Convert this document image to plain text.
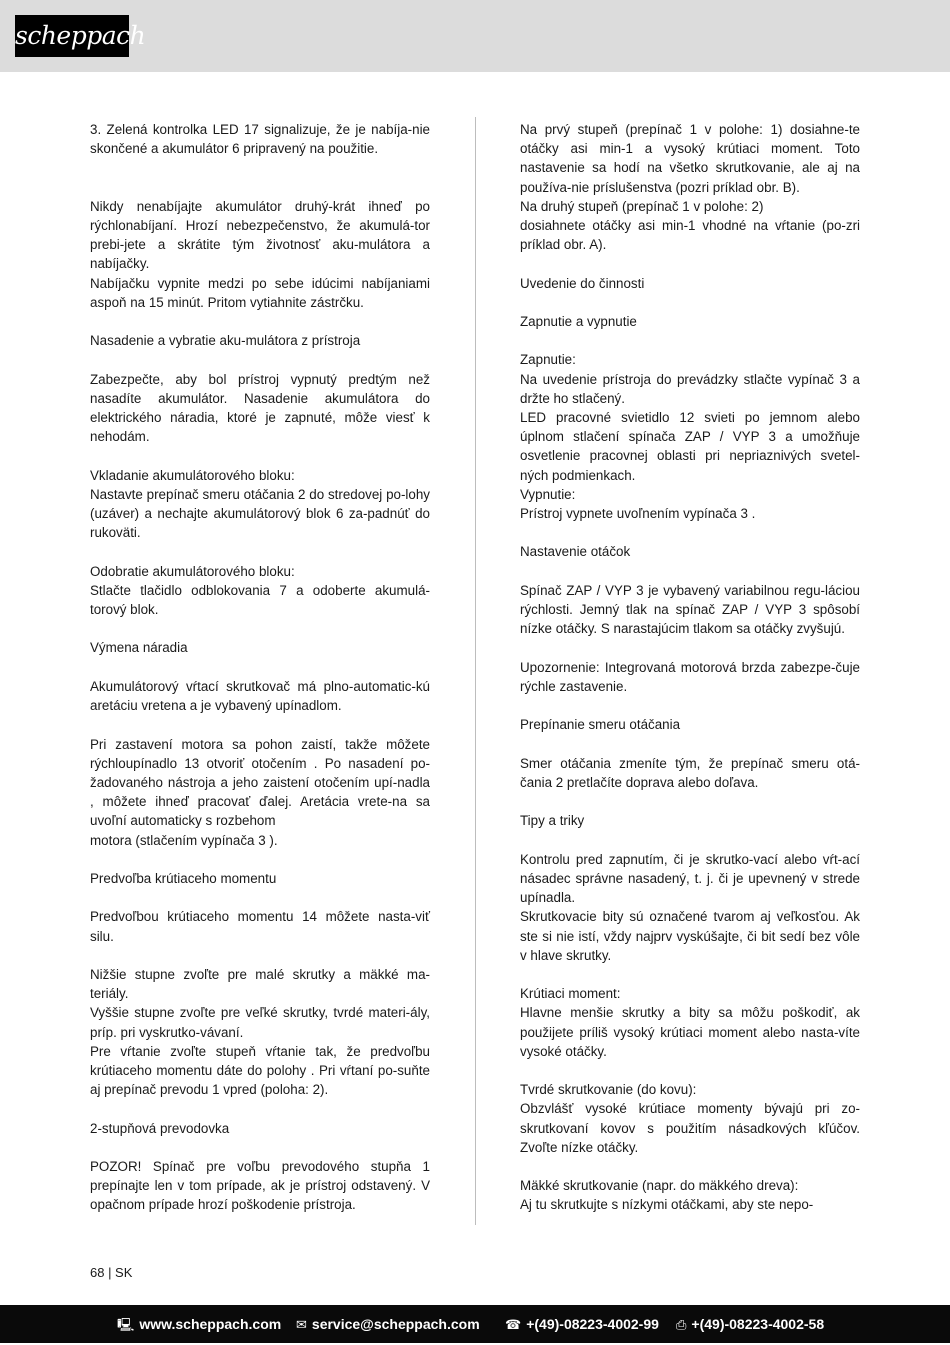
scheppach

3. Zelená kontrolka LED 17 signalizuje, že je nabíja-nie skončené a akumulátor 6 pripravený na použitie.

Nikdy nenabíjajte akumulátor druhý-krát ihneď po rýchlonabíjaní. Hrozí nebezpečenstvo, že akumulá-tor prebi-jete a skrátite tým životnosť aku-mulátora a nabíjačky.

Nabíjačku vypnite medzi po sebe idúcimi nabíjaniami aspoň na 15 minút. Pritom vytiahnite zástrčku.

Nasadenie a vybratie aku-mulátora z prístroja

Zabezpečte, aby bol prístroj vypnutý predtým než nasadíte akumulátor. Nasadenie akumulátora do elektrického náradia, ktoré je zapnuté, môže viesť k nehodám.

Vkladanie akumulátorového bloku:

Nastavte prepínač smeru otáčania 2 do stredovej po-lohy (uzáver) a nechajte akumulátorový blok 6 za-padnúť do rukoväti.

Odobratie akumulátorového bloku:

Stlačte tlačidlo odblokovania 7 a odoberte akumulá-torový blok.

Výmena náradia

Akumulátorový vŕtací skrutkovač má plno-automatic-kú aretáciu vretena a je vybavený upínadlom.

Pri zastavení motora sa pohon zaistí, takže môžete rýchloupínadlo 13 otvoriť otočením . Po nasadení po-žadovaného nástroja a jeho zaistení otočením upí-nadla , môžete ihneď pracovať ďalej. Aretácia vrete-na sa uvoľní automaticky s rozbehom

motora (stlačením vypínača 3 ).

Predvoľba krútiaceho momentu

Predvoľbou krútiaceho momentu 14 môžete nasta-viť silu.

Nižšie stupne zvoľte pre malé skrutky a mäkké ma-teriály.

Vyššie stupne zvoľte pre veľké skrutky, tvrdé materi-ály, príp. pri vyskrutko-vávaní.

Pre vŕtanie zvoľte stupeň vŕtanie tak, že predvoľbu krútiaceho momentu dáte do polohy . Pri vŕtaní po-suňte aj prepínač prevodu 1 vpred (poloha: 2).

2-stupňová prevodovka

POZOR! Spínač pre voľbu prevodového stupňa 1 prepínajte len v tom prípade, ak je prístroj odstavený. V opačnom prípade hrozí poškodenie prístroja.

Na prvý stupeň (prepínač 1 v polohe: 1) dosiahne-te otáčky asi min-1 a vysoký krútiaci moment. Toto nastavenie sa hodí na všetko skrutkovanie, ale aj na používa-nie príslušenstva (pozri príklad obr. B).

Na druhý stupeň (prepínač 1 v polohe: 2)

dosiahnete otáčky asi min-1 vhodné na vŕtanie (po-zri príklad obr. A).

Uvedenie do činnosti

Zapnutie a vypnutie

Zapnutie:

Na uvedenie prístroja do prevádzky stlačte vypínač 3 a držte ho stlačený.

LED pracovné svietidlo 12 svieti po jemnom alebo úplnom stlačení spínača ZAP / VYP 3 a umožňuje osvetlenie pracovnej oblasti pri nepriaznivých svetel-ných podmienkach.

Vypnutie:

Prístroj vypnete uvoľnením vypínača 3 .

Nastavenie otáčok

Spínač ZAP / VYP 3 je vybavený variabilnou regu-láciou rýchlosti. Jemný tlak na spínač ZAP / VYP 3 spôsobí nízke otáčky. S narastajúcim tlakom sa otáčky zvyšujú.

Upozornenie: Integrovaná motorová brzda zabezpe-čuje rýchle zastavenie.

Prepínanie smeru otáčania

Smer otáčania zmeníte tým, že prepínač smeru otá-čania 2 pretlačíte doprava alebo doľava.

Tipy a triky

Kontrolu pred zapnutím, či je skrutko-vací alebo vŕt-ací násadec správne nasadený, t. j. či je upevnený v strede upínadla.

Skrutkovacie bity sú označené tvarom aj veľkosťou. Ak ste si nie istí, vždy najprv vyskúšajte, či bit sedí bez vôle v hlave skrutky.

Krútiaci moment:

Hlavne menšie skrutky a bity sa môžu poškodiť, ak použijete príliš vysoký krútiaci moment alebo nasta-víte vysoké otáčky.

Tvrdé skrutkovanie (do kovu):

Obzvlášť vysoké krútiace momenty bývajú pri zo-skrutkovaní kovov s použitím násadkových kľúčov. Zvoľte nízke otáčky.

Mäkké skrutkovanie (napr. do mäkkého dreva):

Aj tu skrutkujte s nízkymi otáčkami, aby ste nepo-

68 | SK
🖳 www.scheppach.com ✉ service@scheppach.com ☎ +(49)-08223-4002-99 ⎙ +(49)-08223-4002-58
